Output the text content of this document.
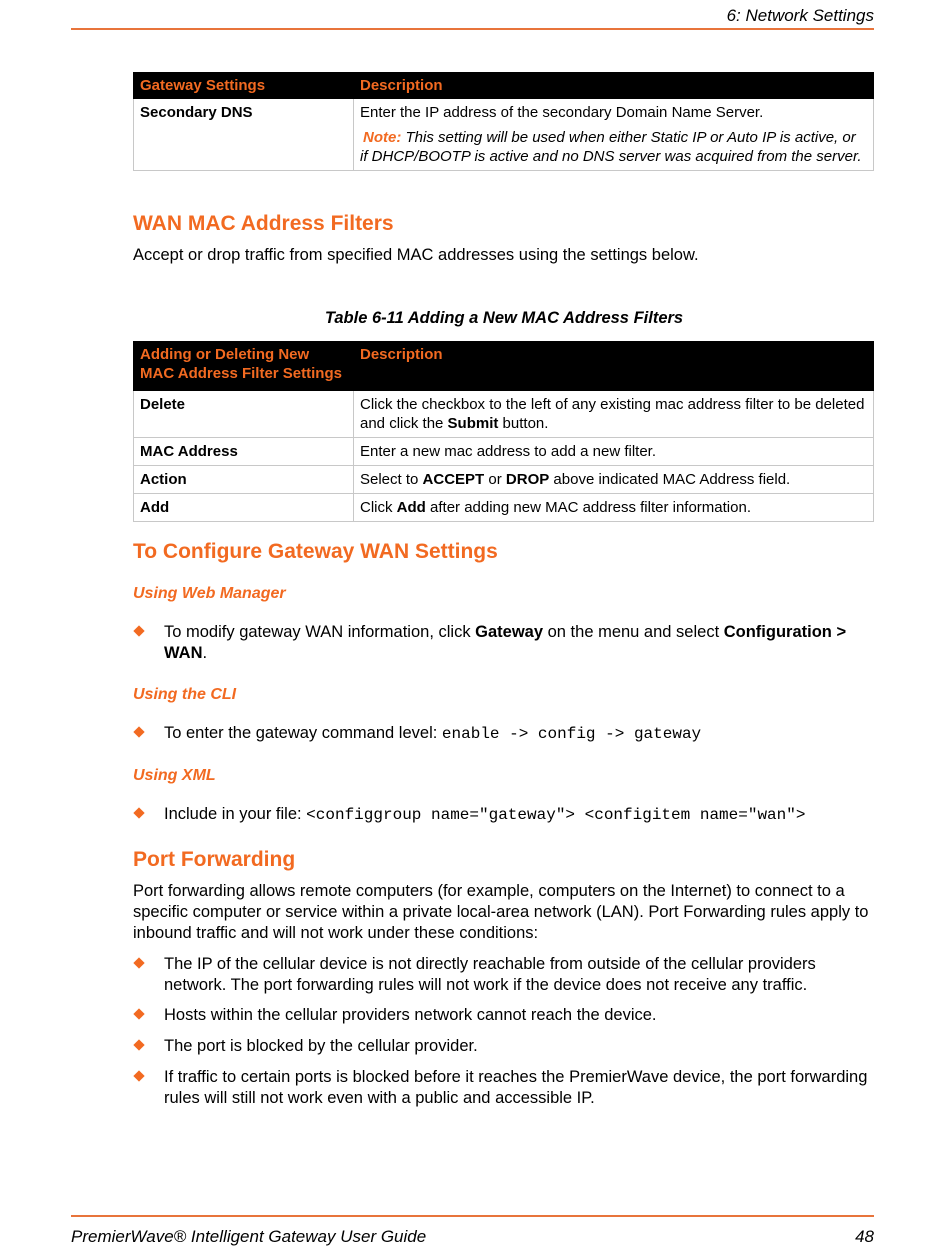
6: Network Settings
Gateway Settings	Description
Secondary DNS	Enter the IP address of the secondary Domain Name Server.
Note: This setting will be used when either Static IP or Auto IP is active, or if DHCP/BOOTP is active and no DNS server was acquired from the server.
WAN MAC Address Filters

Accept or drop traffic from specified MAC addresses using the settings below.

Table 6-11 Adding a New MAC Address Filters
Adding or Deleting New MAC Address Filter Settings	Description
Delete	Click the checkbox to the left of any existing mac address filter to be deleted and click the Submit button.
MAC Address	Enter a new mac address to add a new filter.
Action	Select to ACCEPT or DROP above indicated MAC Address field.
Add	Click Add after adding new MAC address filter information.
To Configure Gateway WAN Settings
Using Web Manager
To modify gateway WAN information, click Gateway on the menu and select Configuration > WAN.
Using the CLI
To enter the gateway command level: enable -> config -> gateway
Using XML
Include in your file: <configgroup name="gateway"> <configitem name="wan">
Port Forwarding

Port forwarding allows remote computers (for example, computers on the Internet) to connect to a specific computer or service within a private local-area network (LAN). Port Forwarding rules apply to inbound traffic and will not work under these conditions:

The IP of the cellular device is not directly reachable from outside of the cellular providers network. The port forwarding rules will not work if the device does not receive any traffic.
Hosts within the cellular providers network cannot reach the device.
The port is blocked by the cellular provider.
If traffic to certain ports is blocked before it reaches the PremierWave device, the port forwarding rules will still not work even with a public and accessible IP.
PremierWave® Intelligent Gateway User Guide	48
